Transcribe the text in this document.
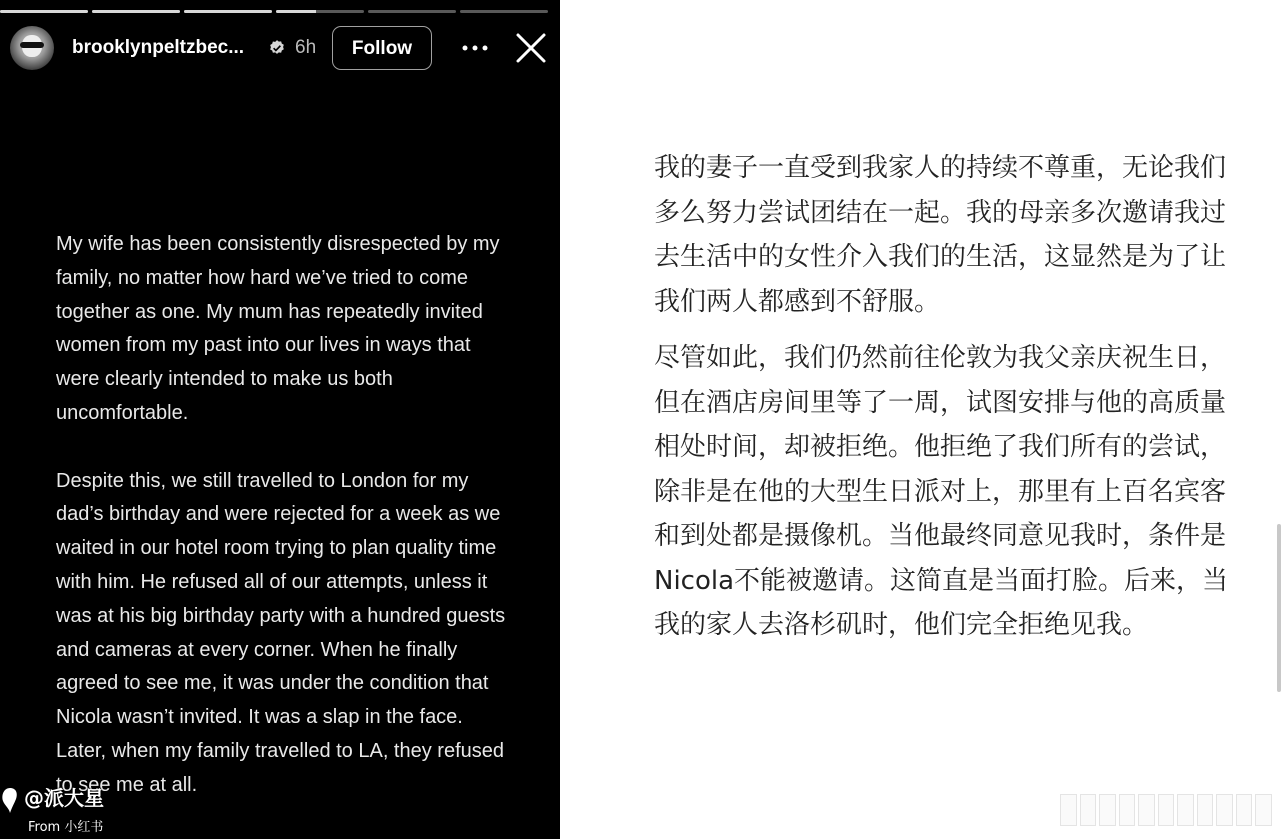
brooklynpeltzbec...	6h	Follow

My wife has been consistently disrespected by my family, no matter how hard we’ve tried to come together as one. My mum has repeatedly invited women from my past into our lives in ways that were clearly intended to make us both uncomfortable.

Despite this, we still travelled to London for my dad’s birthday and were rejected for a week as we waited in our hotel room trying to plan quality time with him. He refused all of our attempts, unless it was at his big birthday party with a hundred guests and cameras at every corner. When he finally agreed to see me, it was under the condition that Nicola wasn’t invited. It was a slap in the face. Later, when my family travelled to LA, they refused to see me at all.

@派大星
From 小红书

我的妻子一直受到我家人的持续不尊重，无论我们多么努力尝试团结在一起。我的母亲多次邀请我过去生活中的女性介入我们的生活，这显然是为了让我们两人都感到不舒服。

尽管如此，我们仍然前往伦敦为我父亲庆祝生日，但在酒店房间里等了一周，试图安排与他的高质量相处时间，却被拒绝。他拒绝了我们所有的尝试，除非是在他的大型生日派对上，那里有上百名宾客和到处都是摄像机。当他最终同意见我时，条件是Nicola不能被邀请。这简直是当面打脸。后来，当我的家人去洛杉矶时，他们完全拒绝见我。
